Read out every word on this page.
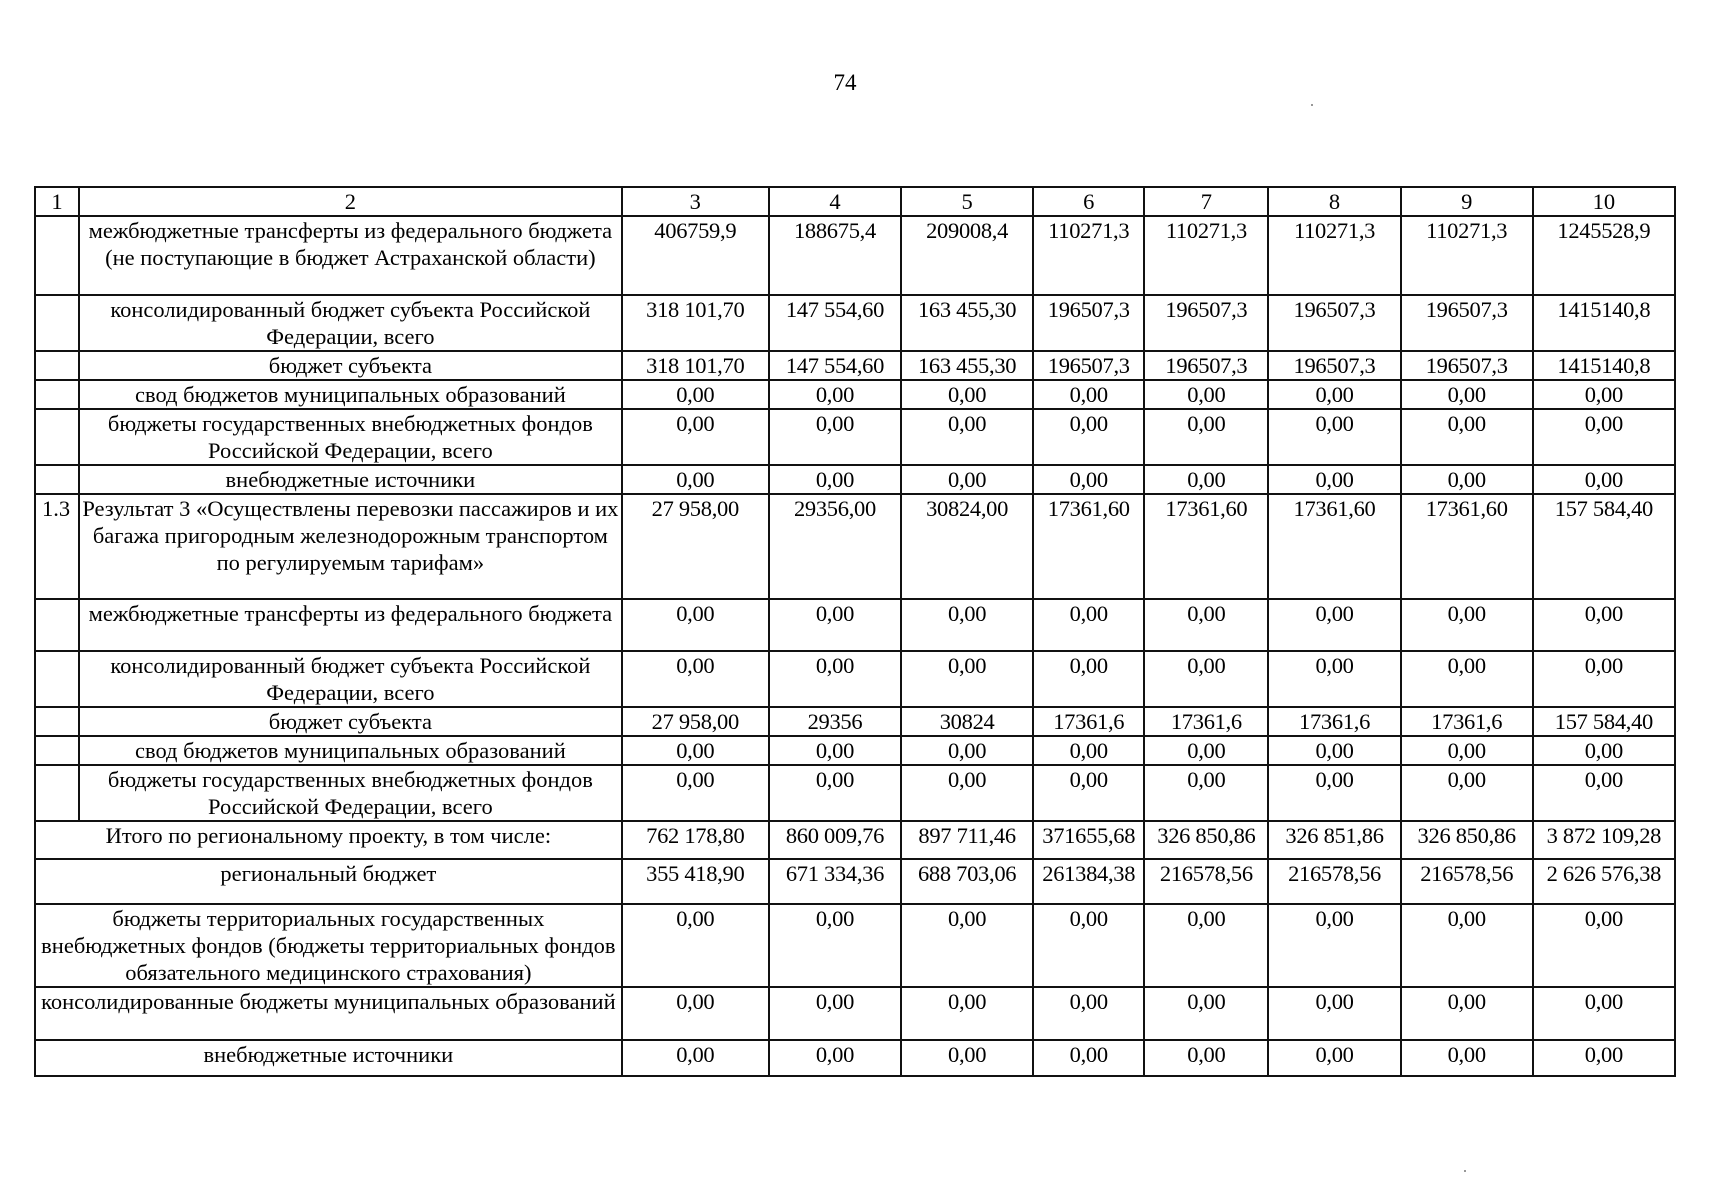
74
1	2	3	4	5	6	7	8	9	10
	межбюджетные трансферты из федерального бюджета (не поступающие в бюджет Астраханской области)	406759,9	188675,4	209008,4	110271,3	110271,3	110271,3	110271,3	1245528,9
	консолидированный бюджет субъекта Российской Федерации, всего	318 101,70	147 554,60	163 455,30	196507,3	196507,3	196507,3	196507,3	1415140,8
	бюджет субъекта	318 101,70	147 554,60	163 455,30	196507,3	196507,3	196507,3	196507,3	1415140,8
	свод бюджетов муниципальных образований	0,00	0,00	0,00	0,00	0,00	0,00	0,00	0,00
	бюджеты государственных внебюджетных фондов Российской Федерации, всего	0,00	0,00	0,00	0,00	0,00	0,00	0,00	0,00
	внебюджетные источники	0,00	0,00	0,00	0,00	0,00	0,00	0,00	0,00
1.3	Результат 3 «Осуществлены перевозки пассажиров и их багажа пригородным железнодорожным транспортом по регулируемым тарифам»	27 958,00	29356,00	30824,00	17361,60	17361,60	17361,60	17361,60	157 584,40
	межбюджетные трансферты из федерального бюджета	0,00	0,00	0,00	0,00	0,00	0,00	0,00	0,00
	консолидированный бюджет субъекта Российской Федерации, всего	0,00	0,00	0,00	0,00	0,00	0,00	0,00	0,00
	бюджет субъекта	27 958,00	29356	30824	17361,6	17361,6	17361,6	17361,6	157 584,40
	свод бюджетов муниципальных образований	0,00	0,00	0,00	0,00	0,00	0,00	0,00	0,00
	бюджеты государственных внебюджетных фондов Российской Федерации, всего	0,00	0,00	0,00	0,00	0,00	0,00	0,00	0,00
Итого по региональному проекту, в том числе:		762 178,80	860 009,76	897 711,46	371655,68	326 850,86	326 851,86	326 850,86	3 872 109,28
региональный бюджет		355 418,90	671 334,36	688 703,06	261384,38	216578,56	216578,56	216578,56	2 626 576,38
бюджеты территориальных государственных внебюджетных фондов (бюджеты территориальных фондов обязательного медицинского страхования)		0,00	0,00	0,00	0,00	0,00	0,00	0,00	0,00
консолидированные бюджеты муниципальных образований		0,00	0,00	0,00	0,00	0,00	0,00	0,00	0,00
внебюджетные источники		0,00	0,00	0,00	0,00	0,00	0,00	0,00	0,00
